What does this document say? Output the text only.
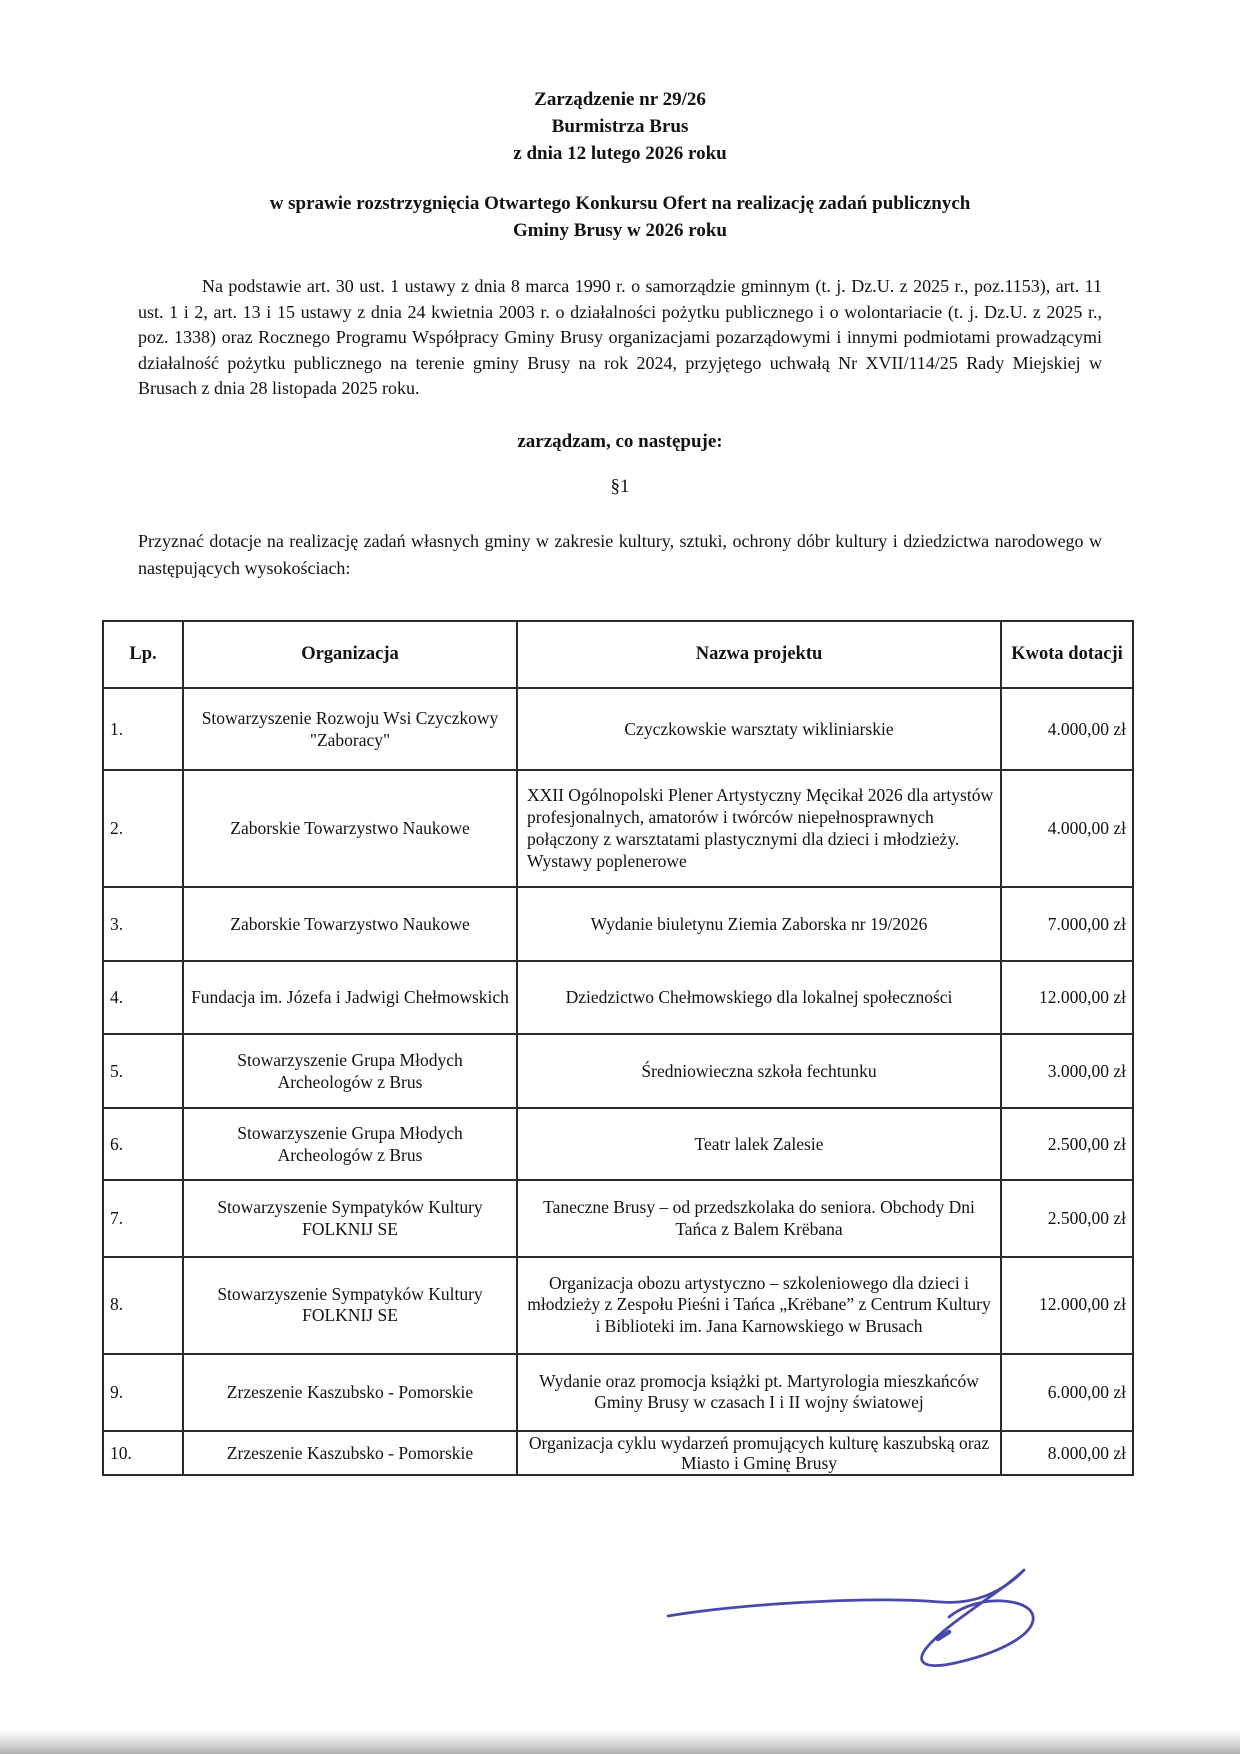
Zarządzenie nr 29/26
Burmistrza Brus
z dnia 12 lutego 2026 roku
w sprawie rozstrzygnięcia Otwartego Konkursu Ofert na realizację zadań publicznych
Gminy Brusy w 2026 roku

Na podstawie art. 30 ust. 1 ustawy z dnia 8 marca 1990 r. o samorządzie gminnym (t. j. Dz.U. z 2025 r., poz.1153), art. 11 ust. 1 i 2, art. 13 i 15 ustawy z dnia 24 kwietnia 2003 r. o działalności pożytku publicznego i o wolontariacie (t. j. Dz.U. z 2025 r., poz. 1338) oraz Rocznego Programu Współpracy Gminy Brusy organizacjami pozarządowymi i innymi podmiotami prowadzącymi działalność pożytku publicznego na terenie gminy Brusy na rok 2024, przyjętego uchwałą Nr XVII/114/25 Rady Miejskiej w Brusach z dnia 28 listopada 2025 roku.

zarządzam, co następuje:
§1

Przyznać dotacje na realizację zadań własnych gminy w zakresie kultury, sztuki, ochrony dóbr kultury i dziedzictwa narodowego w następujących wysokościach:

Lp.	Organizacja	Nazwa projektu	Kwota dotacji
1.	Stowarzyszenie Rozwoju Wsi Czyczkowy "Zaboracy"	Czyczkowskie warsztaty wikliniarskie	4.000,00 zł
2.	Zaborskie Towarzystwo Naukowe	XXII Ogólnopolski Plener Artystyczny Męcikał 2026 dla artystów profesjonalnych, amatorów i twórców niepełnosprawnych połączony z warsztatami plastycznymi dla dzieci i młodzieży. Wystawy poplenerowe	4.000,00 zł
3.	Zaborskie Towarzystwo Naukowe	Wydanie biuletynu Ziemia Zaborska nr 19/2026	7.000,00 zł
4.	Fundacja im. Józefa i Jadwigi Chełmowskich	Dziedzictwo Chełmowskiego dla lokalnej społeczności	12.000,00 zł
5.	Stowarzyszenie Grupa Młodych Archeologów z Brus	Średniowieczna szkoła fechtunku	3.000,00 zł
6.	Stowarzyszenie Grupa Młodych Archeologów z Brus	Teatr lalek Zalesie	2.500,00 zł
7.	Stowarzyszenie Sympatyków Kultury FOLKNIJ SE	Taneczne Brusy – od przedszkolaka do seniora. Obchody Dni Tańca z Balem Krëbana	2.500,00 zł
8.	Stowarzyszenie Sympatyków Kultury FOLKNIJ SE	Organizacja obozu artystyczno – szkoleniowego dla dzieci i młodzieży z Zespołu Pieśni i Tańca „Krëbane” z Centrum Kultury i Biblioteki im. Jana Karnowskiego w Brusach	12.000,00 zł
9.	Zrzeszenie Kaszubsko - Pomorskie	Wydanie oraz promocja książki pt. Martyrologia mieszkańców Gminy Brusy w czasach I i II wojny światowej	6.000,00 zł
10.	Zrzeszenie Kaszubsko - Pomorskie	Organizacja cyklu wydarzeń promujących kulturę kaszubską oraz Miasto i Gminę Brusy	8.000,00 zł
